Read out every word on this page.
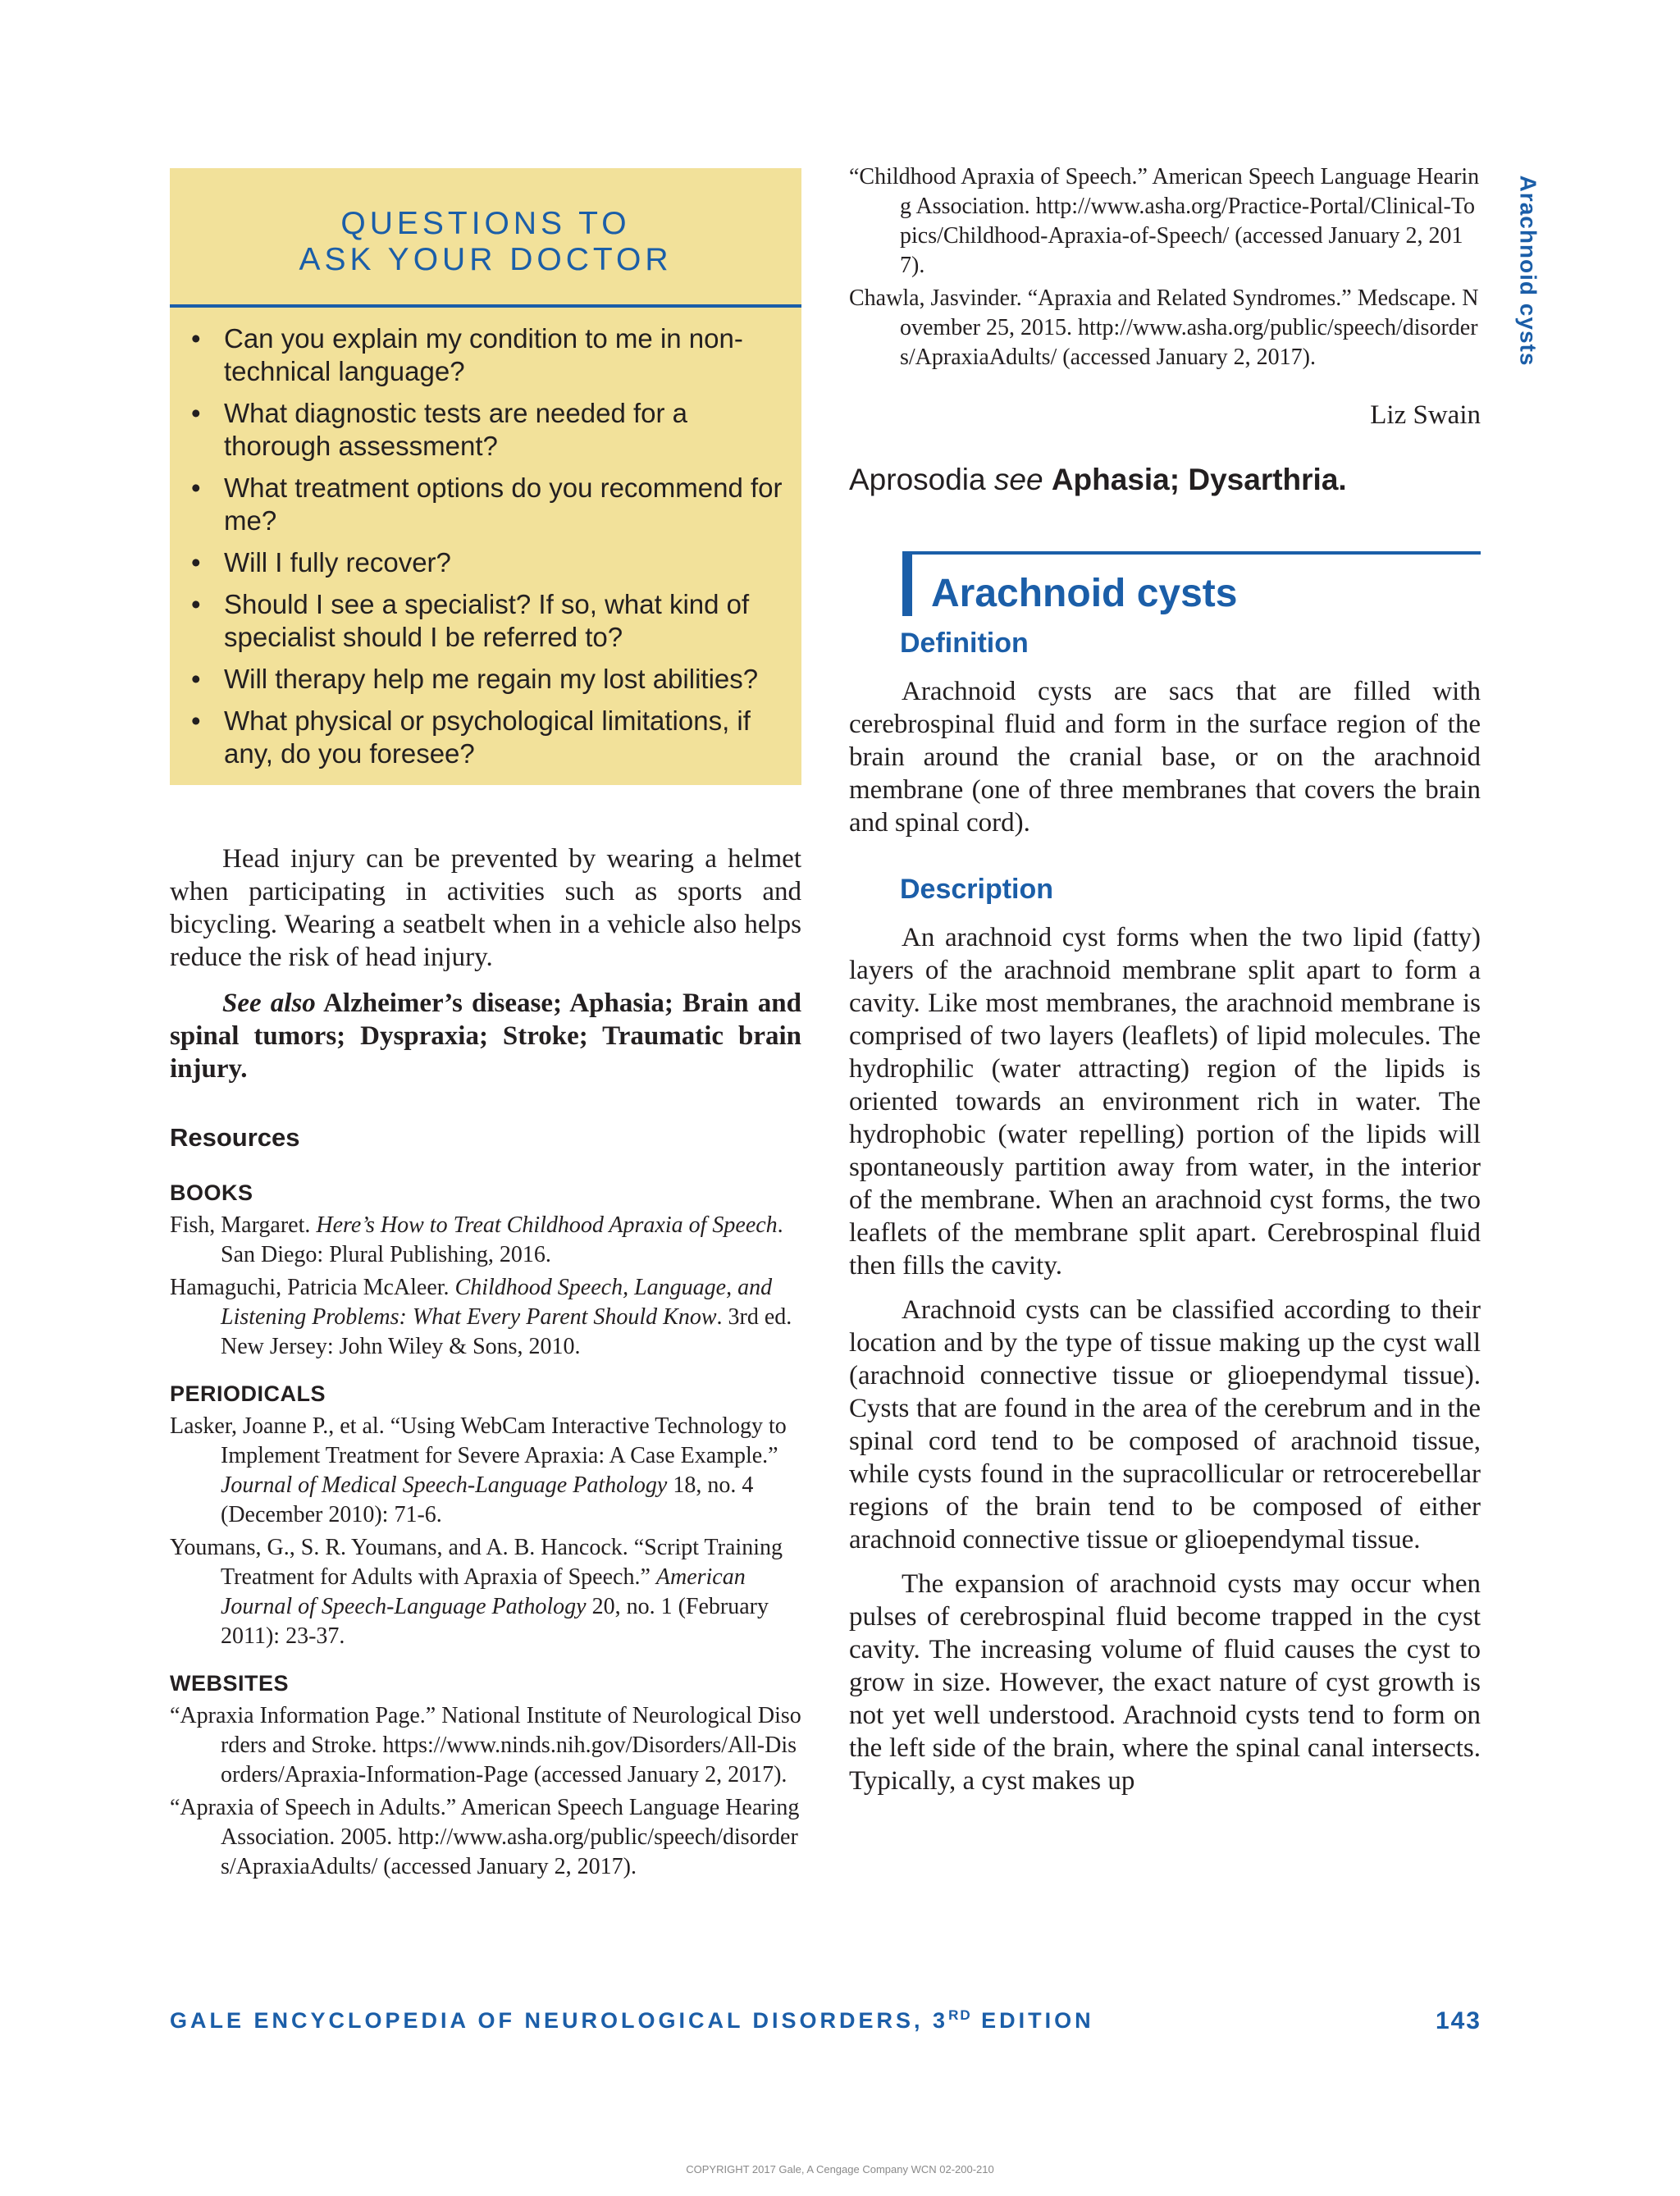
Arachnoid cysts
QUESTIONS TO
ASK YOUR DOCTOR
• Can you explain my condition to me in non-technical language?
• What diagnostic tests are needed for a thorough assessment?
• What treatment options do you recommend for me?
• Will I fully recover?
• Should I see a specialist? If so, what kind of specialist should I be referred to?
• Will therapy help me regain my lost abilities?
• What physical or psychological limitations, if any, do you foresee?

Head injury can be prevented by wearing a helmet when participating in activities such as sports and bicycling. Wearing a seatbelt when in a vehicle also helps reduce the risk of head injury.

See also Alzheimer’s disease; Aphasia; Brain and spinal tumors; Dyspraxia; Stroke; Traumatic brain injury.

Resources
BOOKS

Fish, Margaret. Here’s How to Treat Childhood Apraxia of Speech. San Diego: Plural Publishing, 2016.

Hamaguchi, Patricia McAleer. Childhood Speech, Language, and Listening Problems: What Every Parent Should Know. 3rd ed. New Jersey: John Wiley & Sons, 2010.

PERIODICALS

Lasker, Joanne P., et al. “Using WebCam Interactive Technology to Implement Treatment for Severe Apraxia: A Case Example.” Journal of Medical Speech-Language Pathology 18, no. 4 (December 2010): 71-6.

Youmans, G., S. R. Youmans, and A. B. Hancock. “Script Training Treatment for Adults with Apraxia of Speech.” American Journal of Speech-Language Pathology 20, no. 1 (February 2011): 23-37.

WEBSITES

“Apraxia Information Page.” National Institute of Neurological Disorders and Stroke. https://www.ninds.nih.gov/Disorders/All-Disorders/Apraxia-Information-Page (accessed January 2, 2017).

“Apraxia of Speech in Adults.” American Speech Language Hearing Association. 2005. http://www.asha.org/public/speech/disorders/ApraxiaAdults/ (accessed January 2, 2017).

“Childhood Apraxia of Speech.” American Speech Language Hearing Association. http://www.asha.org/Practice-Portal/Clinical-Topics/Childhood-Apraxia-of-Speech/ (accessed January 2, 2017).

Chawla, Jasvinder. “Apraxia and Related Syndromes.” Medscape. November 25, 2015. http://www.asha.org/public/speech/disorders/ApraxiaAdults/ (accessed January 2, 2017).

Liz Swain

Aprosodia see Aphasia; Dysarthria.

Arachnoid cysts
Definition

Arachnoid cysts are sacs that are filled with cerebrospinal fluid and form in the surface region of the brain around the cranial base, or on the arachnoid membrane (one of three membranes that covers the brain and spinal cord).

Description

An arachnoid cyst forms when the two lipid (fatty) layers of the arachnoid membrane split apart to form a cavity. Like most membranes, the arachnoid membrane is comprised of two layers (leaflets) of lipid molecules. The hydrophilic (water attracting) region of the lipids is oriented towards an environment rich in water. The hydrophobic (water repelling) portion of the lipids will spontaneously partition away from water, in the interior of the membrane. When an arachnoid cyst forms, the two leaflets of the membrane split apart. Cerebrospinal fluid then fills the cavity.

Arachnoid cysts can be classified according to their location and by the type of tissue making up the cyst wall (arachnoid connective tissue or glioependymal tissue). Cysts that are found in the area of the cerebrum and in the spinal cord tend to be composed of arachnoid tissue, while cysts found in the supracollicular or retrocerebellar regions of the brain tend to be composed of either arachnoid connective tissue or glioependymal tissue.

The expansion of arachnoid cysts may occur when pulses of cerebrospinal fluid become trapped in the cyst cavity. The increasing volume of fluid causes the cyst to grow in size. However, the exact nature of cyst growth is not yet well understood. Arachnoid cysts tend to form on the left side of the brain, where the spinal canal intersects. Typically, a cyst makes up

GALE ENCYCLOPEDIA OF NEUROLOGICAL DISORDERS, 3RD EDITION	143
COPYRIGHT 2017 Gale, A Cengage Company WCN 02-200-210
